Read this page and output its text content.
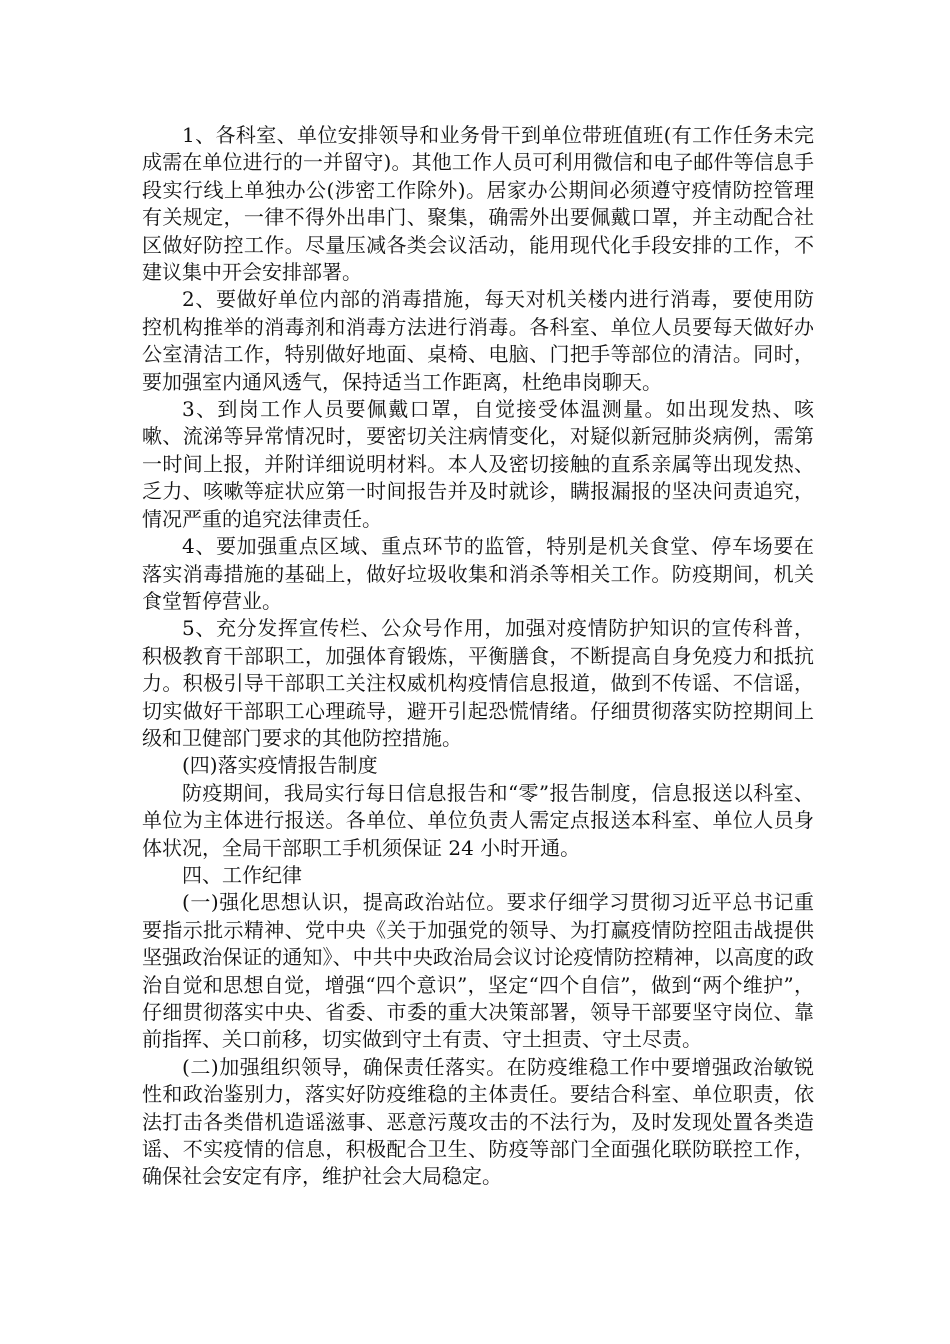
1、各科室、单位安排领导和业务骨干到单位带班值班(有工作任务未完成需在单位进行的一并留守)。其他工作人员可利用微信和电子邮件等信息手段实行线上单独办公(涉密工作除外)。居家办公期间必须遵守疫情防控管理有关规定，一律不得外出串门、聚集，确需外出要佩戴口罩，并主动配合社区做好防控工作。尽量压减各类会议活动，能用现代化手段安排的工作，不建议集中开会安排部署。

2、要做好单位内部的消毒措施，每天对机关楼内进行消毒，要使用防控机构推举的消毒剂和消毒方法进行消毒。各科室、单位人员要每天做好办公室清洁工作，特别做好地面、桌椅、电脑、门把手等部位的清洁。同时，要加强室内通风透气，保持适当工作距离，杜绝串岗聊天。

3、到岗工作人员要佩戴口罩，自觉接受体温测量。如出现发热、咳嗽、流涕等异常情况时，要密切关注病情变化，对疑似新冠肺炎病例，需第一时间上报，并附详细说明材料。本人及密切接触的直系亲属等出现发热、乏力、咳嗽等症状应第一时间报告并及时就诊，瞒报漏报的坚决问责追究，情况严重的追究法律责任。

4、要加强重点区域、重点环节的监管，特别是机关食堂、停车场要在落实消毒措施的基础上，做好垃圾收集和消杀等相关工作。防疫期间，机关食堂暂停营业。

5、充分发挥宣传栏、公众号作用，加强对疫情防护知识的宣传科普，积极教育干部职工，加强体育锻炼，平衡膳食，不断提高自身免疫力和抵抗力。积极引导干部职工关注权威机构疫情信息报道，做到不传谣、不信谣，切实做好干部职工心理疏导，避开引起恐慌情绪。仔细贯彻落实防控期间上级和卫健部门要求的其他防控措施。

(四)落实疫情报告制度

防疫期间，我局实行每日信息报告和“零”报告制度，信息报送以科室、单位为主体进行报送。各单位、单位负责人需定点报送本科室、单位人员身体状况，全局干部职工手机须保证 24 小时开通。

四、工作纪律

(一)强化思想认识，提高政治站位。要求仔细学习贯彻习近平总书记重要指示批示精神、党中央《关于加强党的领导、为打赢疫情防控阻击战提供坚强政治保证的通知》、中共中央政治局会议讨论疫情防控精神，以高度的政治自觉和思想自觉，增强“四个意识”，坚定“四个自信”，做到“两个维护”，仔细贯彻落实中央、省委、市委的重大决策部署，领导干部要坚守岗位、靠前指挥、关口前移，切实做到守土有责、守土担责、守土尽责。

(二)加强组织领导，确保责任落实。在防疫维稳工作中要增强政治敏锐性和政治鉴别力，落实好防疫维稳的主体责任。要结合科室、单位职责，依法打击各类借机造谣滋事、恶意污蔑攻击的不法行为，及时发现处置各类造谣、不实疫情的信息，积极配合卫生、防疫等部门全面强化联防联控工作，确保社会安定有序，维护社会大局稳定。
